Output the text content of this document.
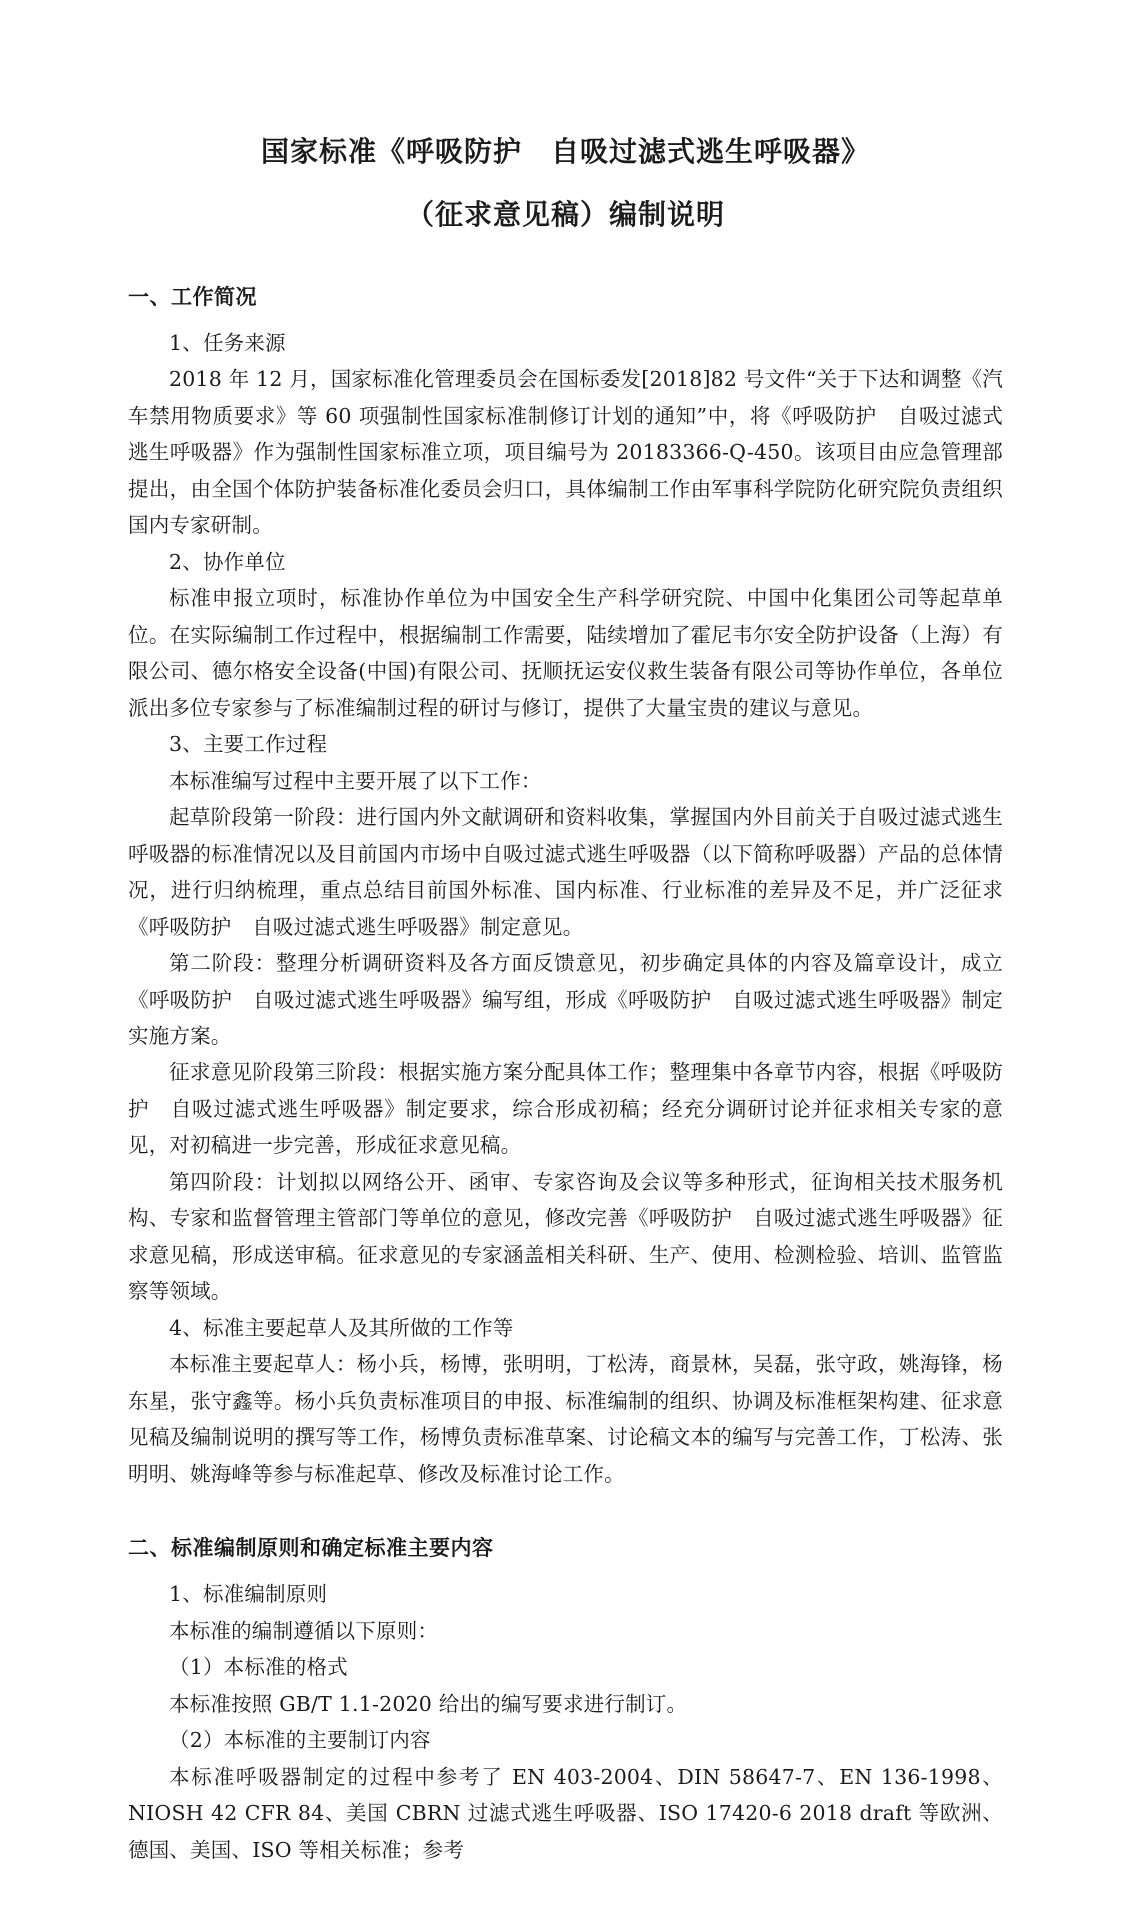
国家标准《呼吸防护　自吸过滤式逃生呼吸器》
（征求意见稿）编制说明
一、工作简况

1、任务来源

2018 年 12 月，国家标准化管理委员会在国标委发[2018]82 号文件“关于下达和调整《汽车禁用物质要求》等 60 项强制性国家标准制修订计划的通知”中，将《呼吸防护　自吸过滤式逃生呼吸器》作为强制性国家标准立项，项目编号为 20183366-Q-450。该项目由应急管理部提出，由全国个体防护装备标准化委员会归口，具体编制工作由军事科学院防化研究院负责组织国内专家研制。

2、协作单位

标准申报立项时，标准协作单位为中国安全生产科学研究院、中国中化集团公司等起草单位。在实际编制工作过程中，根据编制工作需要，陆续增加了霍尼韦尔安全防护设备（上海）有限公司、德尔格安全设备(中国)有限公司、抚顺抚运安仪救生装备有限公司等协作单位，各单位派出多位专家参与了标准编制过程的研讨与修订，提供了大量宝贵的建议与意见。

3、主要工作过程

本标准编写过程中主要开展了以下工作：

起草阶段第一阶段：进行国内外文献调研和资料收集，掌握国内外目前关于自吸过滤式逃生呼吸器的标准情况以及目前国内市场中自吸过滤式逃生呼吸器（以下简称呼吸器）产品的总体情况，进行归纳梳理，重点总结目前国外标准、国内标准、行业标准的差异及不足，并广泛征求《呼吸防护　自吸过滤式逃生呼吸器》制定意见。

第二阶段：整理分析调研资料及各方面反馈意见，初步确定具体的内容及篇章设计，成立《呼吸防护　自吸过滤式逃生呼吸器》编写组，形成《呼吸防护　自吸过滤式逃生呼吸器》制定实施方案。

征求意见阶段第三阶段：根据实施方案分配具体工作；整理集中各章节内容，根据《呼吸防护　自吸过滤式逃生呼吸器》制定要求，综合形成初稿；经充分调研讨论并征求相关专家的意见，对初稿进一步完善，形成征求意见稿。

第四阶段：计划拟以网络公开、函审、专家咨询及会议等多种形式，征询相关技术服务机构、专家和监督管理主管部门等单位的意见，修改完善《呼吸防护　自吸过滤式逃生呼吸器》征求意见稿，形成送审稿。征求意见的专家涵盖相关科研、生产、使用、检测检验、培训、监管监察等领域。

4、标准主要起草人及其所做的工作等

本标准主要起草人：杨小兵，杨博，张明明，丁松涛，商景林，吴磊，张守政，姚海锋，杨东星，张守鑫等。杨小兵负责标准项目的申报、标准编制的组织、协调及标准框架构建、征求意见稿及编制说明的撰写等工作，杨博负责标准草案、讨论稿文本的编写与完善工作，丁松涛、张明明、姚海峰等参与标准起草、修改及标准讨论工作。

二、标准编制原则和确定标准主要内容

1、标准编制原则

本标准的编制遵循以下原则：

（1）本标准的格式

本标准按照 GB/T 1.1-2020 给出的编写要求进行制订。

（2）本标准的主要制订内容

本标准呼吸器制定的过程中参考了 EN 403-2004、DIN 58647-7、EN 136-1998、NIOSH 42 CFR 84、美国 CBRN 过滤式逃生呼吸器、ISO 17420-6 2018 draft 等欧洲、德国、美国、ISO 等相关标准；参考
